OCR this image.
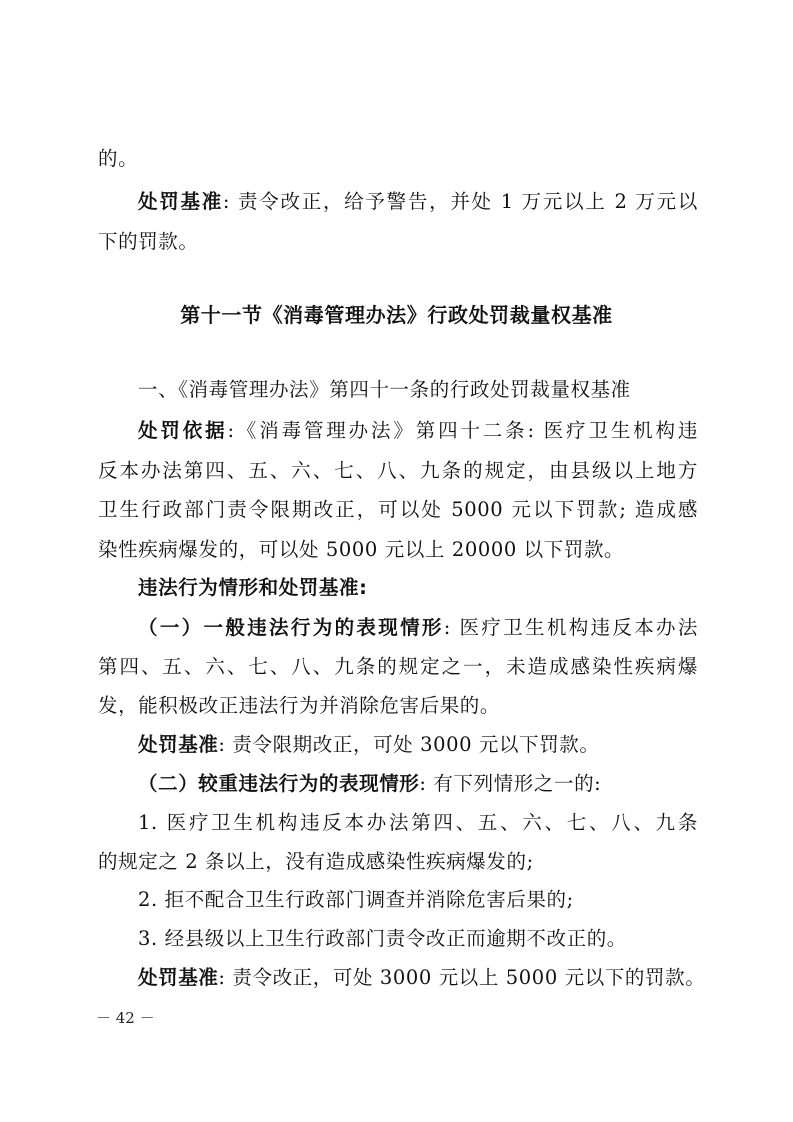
的。
处罚基准: 责令改正，给予警告，并处 1 万元以上 2 万元以
下的罚款。
第十一节《消毒管理办法》行政处罚裁量权基准
一、《消毒管理办法》第四十一条的行政处罚裁量权基准
处罚依据:《消毒管理办法》第四十二条: 医疗卫生机构违
反本办法第四、五、六、七、八、九条的规定，由县级以上地方
卫生行政部门责令限期改正，可以处 5000 元以下罚款; 造成感
染性疾病爆发的，可以处 5000 元以上 20000 以下罚款。
违法行为情形和处罚基准:
（一）一般违法行为的表现情形: 医疗卫生机构违反本办法
第四、五、六、七、八、九条的规定之一，未造成感染性疾病爆
发，能积极改正违法行为并消除危害后果的。
处罚基准: 责令限期改正，可处 3000 元以下罚款。
（二）较重违法行为的表现情形: 有下列情形之一的:
1. 医疗卫生机构违反本办法第四、五、六、七、八、九条
的规定之 2 条以上，没有造成感染性疾病爆发的;
2. 拒不配合卫生行政部门调查并消除危害后果的;
3. 经县级以上卫生行政部门责令改正而逾期不改正的。
处罚基准: 责令改正，可处 3000 元以上 5000 元以下的罚款。
－ 42 －
